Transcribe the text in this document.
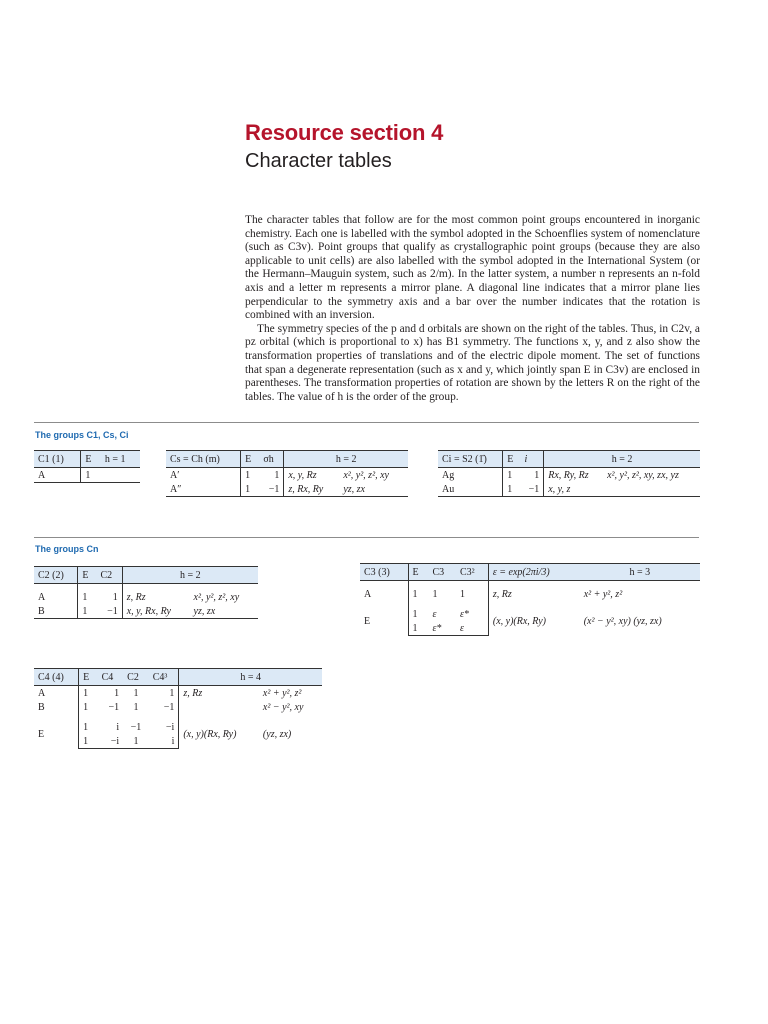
Resource section 4
Character tables

The character tables that follow are for the most common point groups encountered in inorganic chemistry. Each one is labelled with the symbol adopted in the Schoenflies system of nomenclature (such as C3v). Point groups that qualify as crystallographic point groups (because they are also applicable to unit cells) are also labelled with the symbol adopted in the International System (or the Hermann–Mauguin system, such as 2/m). In the latter system, a number n represents an n-fold axis and a letter m represents a mirror plane. A diagonal line indicates that a mirror plane lies perpendicular to the symmetry axis and a bar over the number indicates that the rotation is combined with an inversion.

The symmetry species of the p and d orbitals are shown on the right of the tables. Thus, in C2v, a pz orbital (which is proportional to x) has B1 symmetry. The functions x, y, and z also show the transformation properties of translations and of the electric dipole moment. The set of functions that span a degenerate representation (such as x and y, which jointly span E in C3v) are enclosed in parentheses. The transformation properties of rotation are shown by the letters R on the right of the tables. The value of h is the order of the group.

The groups C1, Cs, Ci
C1 (1)	E	h = 1
A	1	
Cs = Ch (m)	E	σh	h = 2	
A′	1	1	x, y, Rz	x², y², z², xy
A″	1	−1	z, Rx, Ry	yz, zx
Ci = S2 (1̄)	E	i	h = 2	
Ag	1	1	Rx, Ry, Rz	x², y², z², xy, zx, yz
Au	1	−1	x, y, z	
The groups Cn
C2 (2)	E	C2	h = 2	

A	1	1	z, Rz	x², y², z², xy
B	1	−1	x, y, Rx, Ry	yz, zx
C3 (3)	E	C3	C3²	ε = exp(2πi/3)	h = 3

A	1	1	1	z, Rz	x² + y², z²

E	1	ε	ε*	(x, y)(Rx, Ry)	(x² − y², xy) (yz, zx)
	1	ε*	ε		
C4 (4)	E	C4	C2	C4³	h = 4	
A	1	1	1	1	z, Rz	x² + y², z²
B	1	−1	1	−1		x² − y², xy

E	1	i	−1	−i	(x, y)(Rx, Ry)	(yz, zx)
	1	−i	1	i		
